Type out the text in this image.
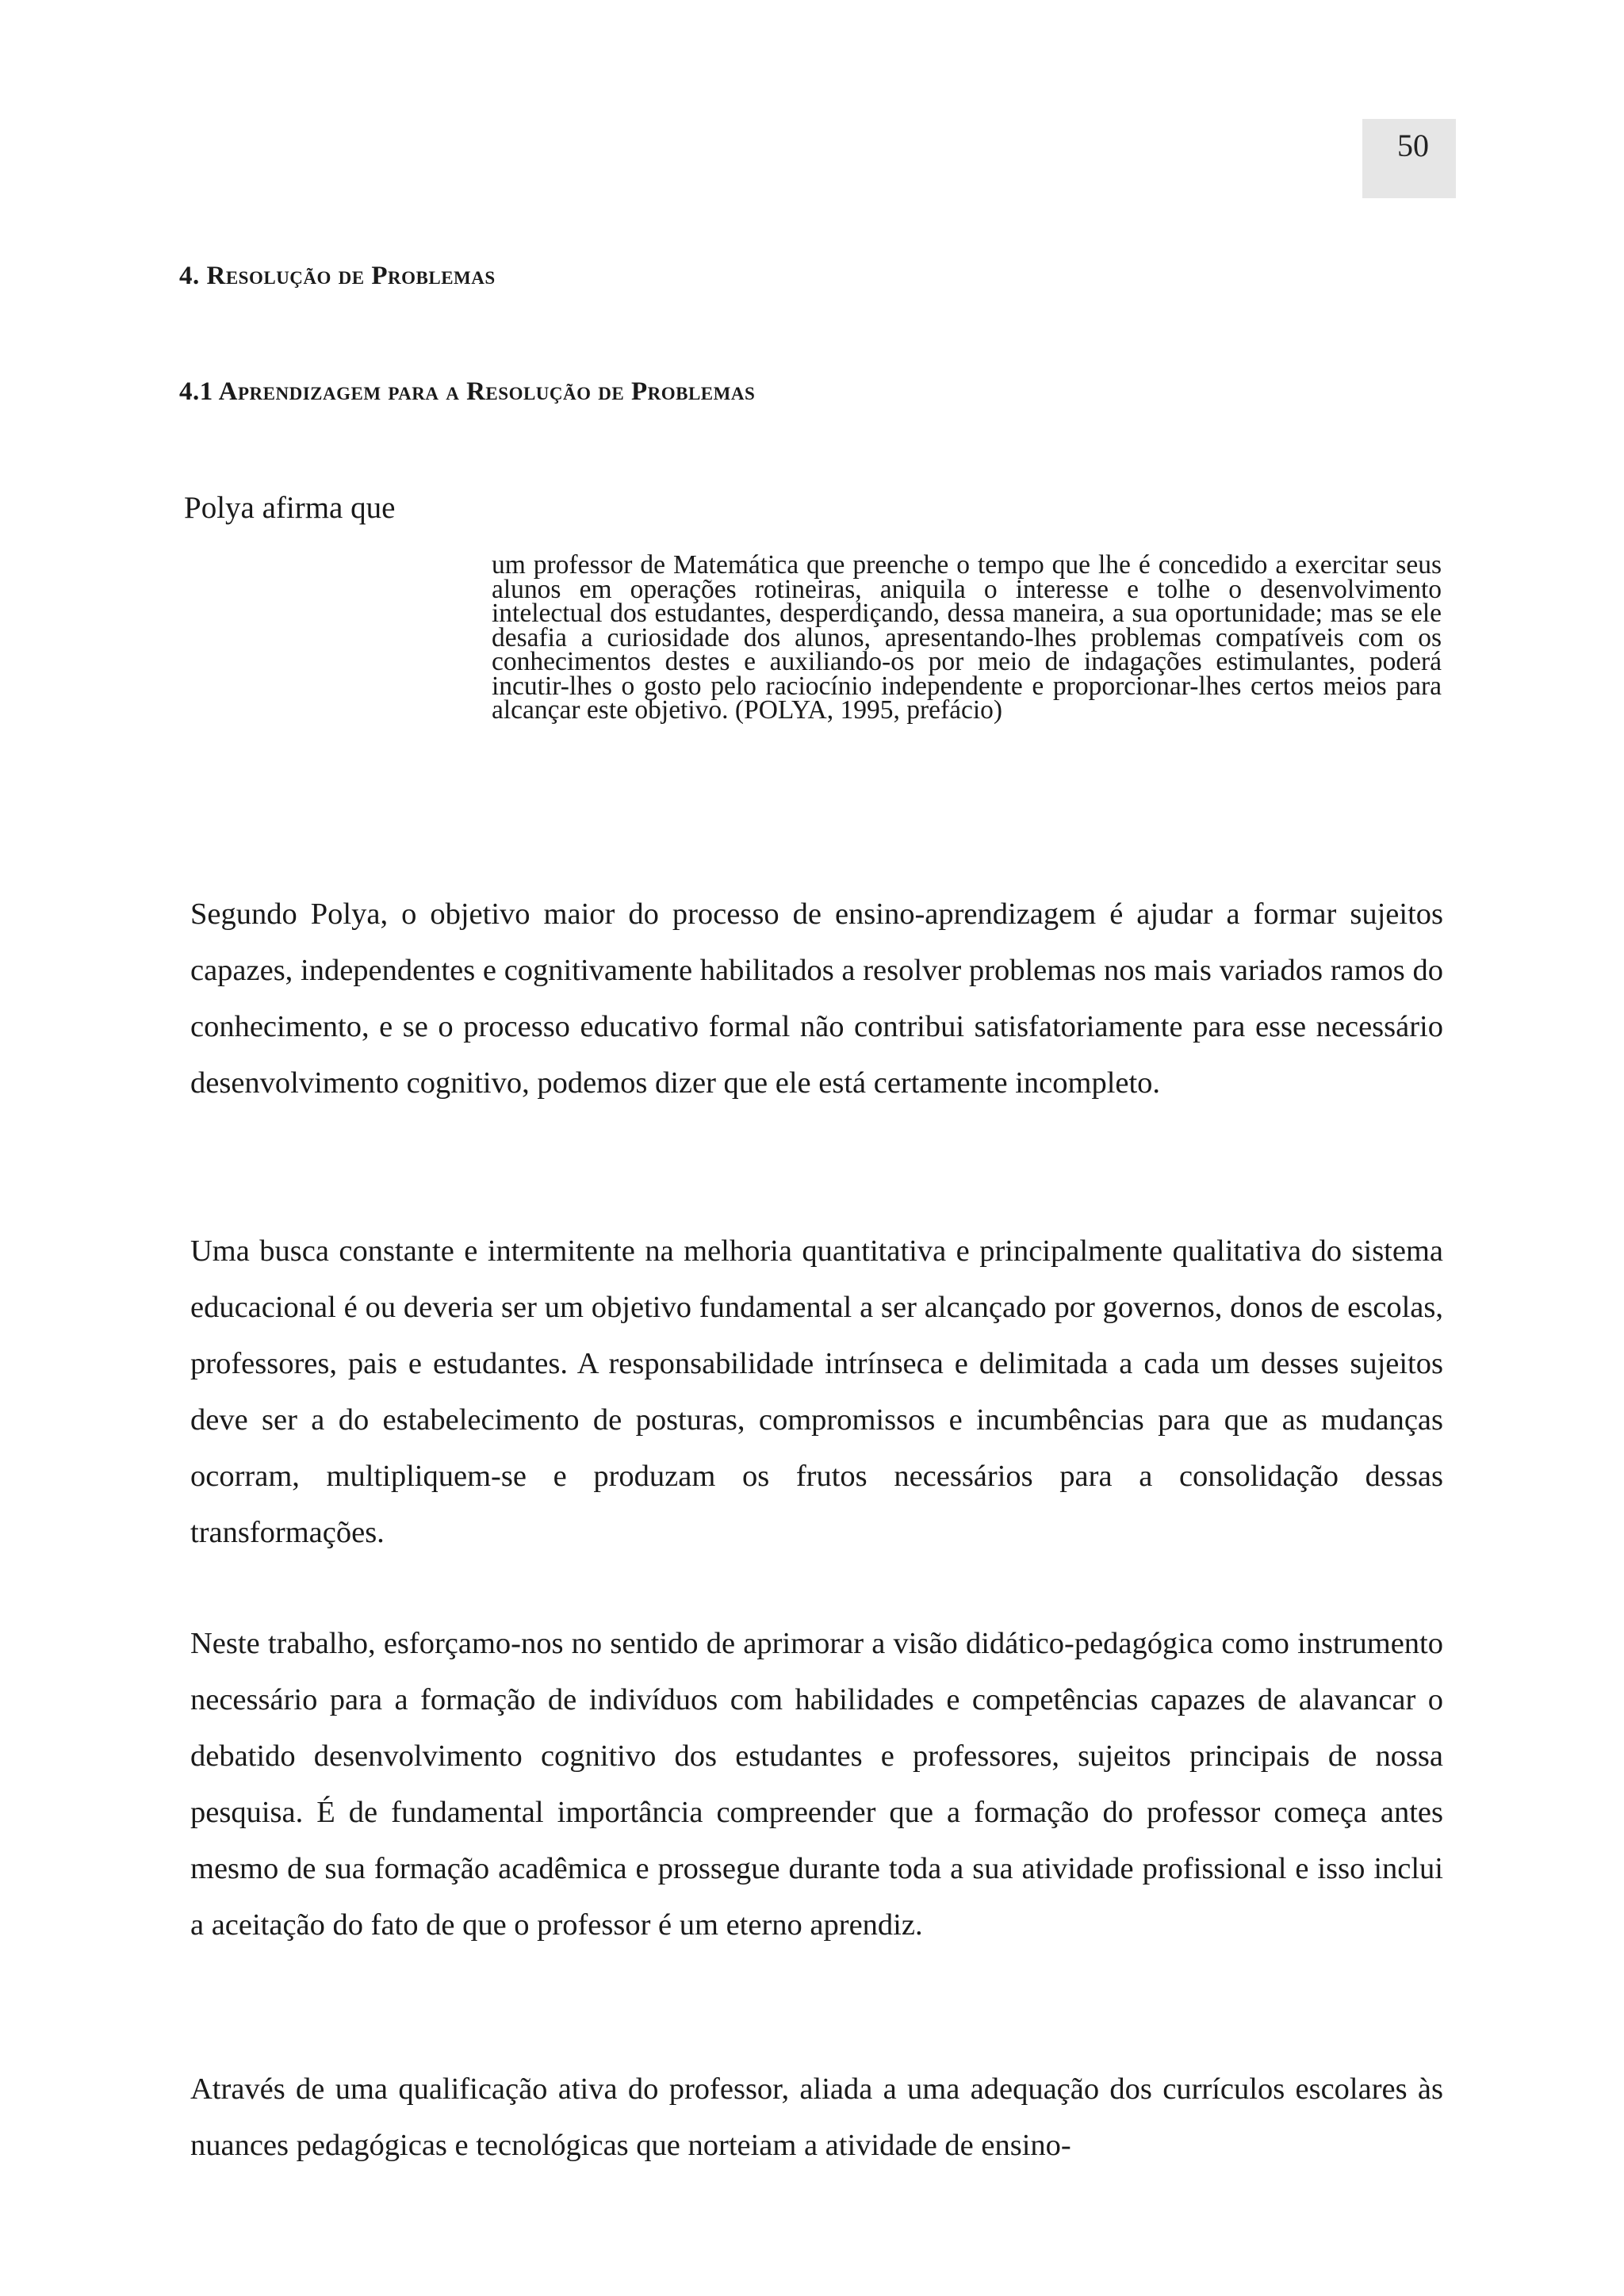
50
4. Resolução de Problemas
4.1 Aprendizagem para a Resolução de Problemas
Polya afirma que
um professor de Matemática que preenche o tempo que lhe é concedido a exercitar seus alunos em operações rotineiras, aniquila o interesse e tolhe o desenvolvimento intelectual dos estudantes, desperdiçando, dessa maneira, a sua oportunidade; mas se ele desafia a curiosidade dos alunos, apresentando-lhes problemas compatíveis com os conhecimentos destes e auxiliando-os por meio de indagações estimulantes, poderá incutir-lhes o gosto pelo raciocínio independente e proporcionar-lhes certos meios para alcançar este objetivo. (POLYA, 1995, prefácio)
Segundo Polya, o objetivo maior do processo de ensino-aprendizagem é ajudar a formar sujeitos capazes, independentes e cognitivamente habilitados a resolver problemas nos mais variados ramos do conhecimento, e se o processo educativo formal não contribui satisfatoriamente para esse necessário desenvolvimento cognitivo, podemos dizer que ele está certamente incompleto.
Uma busca constante e intermitente na melhoria quantitativa e principalmente qualitativa do sistema educacional é ou deveria ser um objetivo fundamental a ser alcançado por governos, donos de escolas, professores, pais e estudantes. A responsabilidade intrínseca e delimitada a cada um desses sujeitos deve ser a do estabelecimento de posturas, compromissos e incumbências para que as mudanças ocorram, multipliquem-se e produzam os frutos necessários para a consolidação dessas transformações.
Neste trabalho, esforçamo-nos no sentido de aprimorar a visão didático-pedagógica como instrumento necessário para a formação de indivíduos com habilidades e competências capazes de alavancar o debatido desenvolvimento cognitivo dos estudantes e professores, sujeitos principais de nossa pesquisa. É de fundamental importância compreender que a formação do professor começa antes mesmo de sua formação acadêmica e prossegue durante toda a sua atividade profissional e isso inclui a aceitação do fato de que o professor é um eterno aprendiz.
Através de uma qualificação ativa do professor, aliada a uma adequação dos currículos escolares às nuances pedagógicas e tecnológicas que norteiam a atividade de ensino-
